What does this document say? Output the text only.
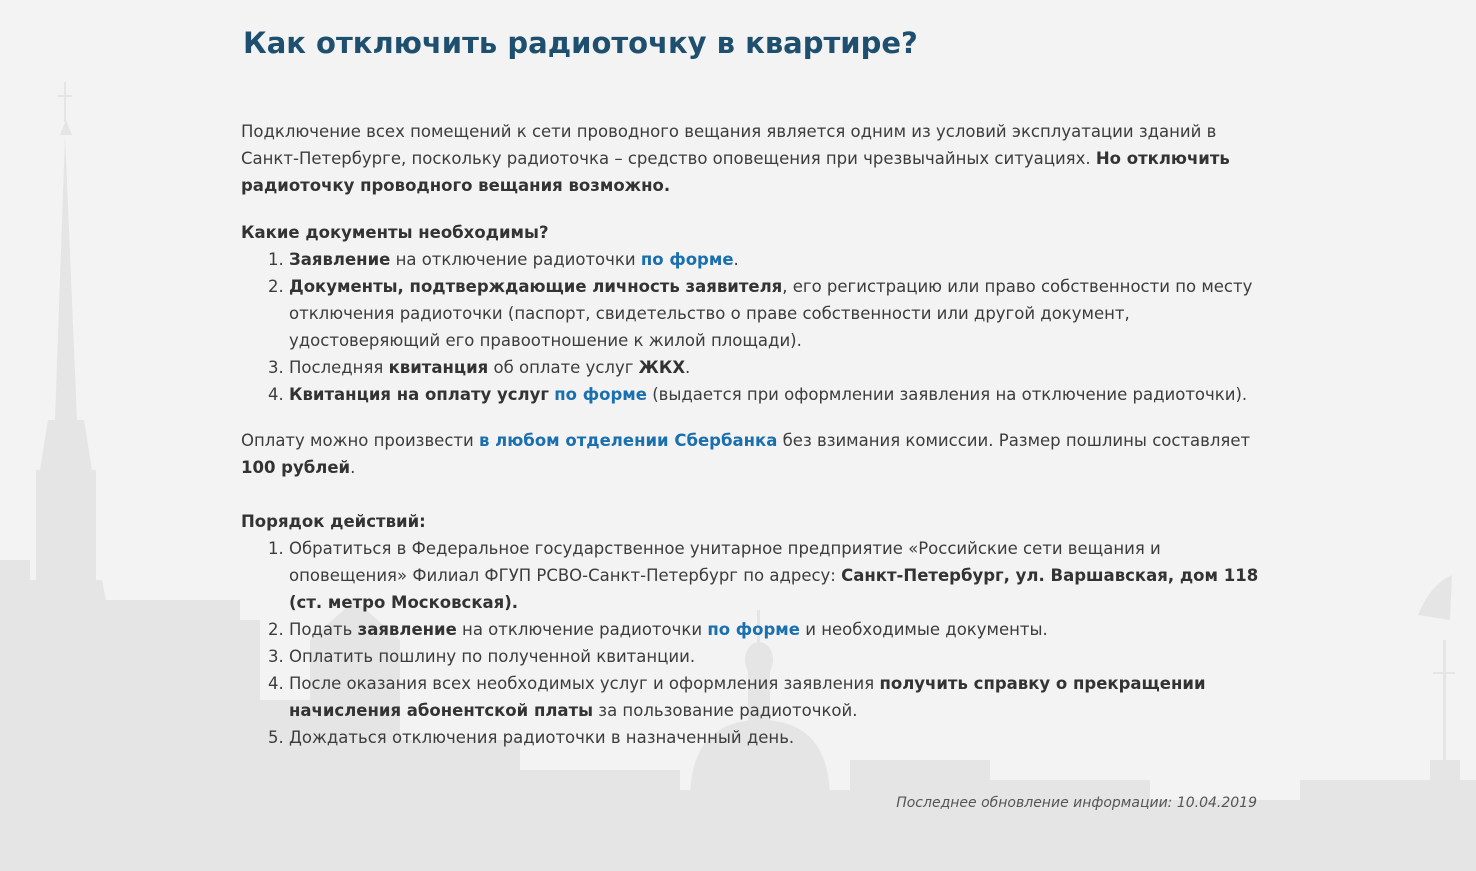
Как отключить радиоточку в квартире?

Подключение всех помещений к сети проводного вещания является одним из условий эксплуатации зданий в Санкт-Петербурге, поскольку радиоточка – средство оповещения при чрезвычайных ситуациях. Но отключить радиоточку проводного вещания возможно.

Какие документы необходимы?
1. Заявление на отключение радиоточки по форме.
2. Документы, подтверждающие личность заявителя, его регистрацию или право собственности по месту отключения радиоточки (паспорт, свидетельство о праве собственности или другой документ, удостоверяющий его правоотношение к жилой площади).
3. Последняя квитанция об оплате услуг ЖКХ.
4. Квитанция на оплату услуг по форме (выдается при оформлении заявления на отключение радиоточки).

Оплату можно произвести в любом отделении Сбербанка без взимания комиссии. Размер пошлины составляет 100 рублей.

Порядок действий:
1. Обратиться в Федеральное государственное унитарное предприятие «Российские сети вещания и оповещения» Филиал ФГУП РСВО-Санкт-Петербург по адресу: Санкт-Петербург, ул. Варшавская, дом 118 (ст. метро Московская).
2. Подать заявление на отключение радиоточки по форме и необходимые документы.
3. Оплатить пошлину по полученной квитанции.
4. После оказания всех необходимых услуг и оформления заявления получить справку о прекращении начисления абонентской платы за пользование радиоточкой.
5. Дождаться отключения радиоточки в назначенный день.
Последнее обновление информации: 10.04.2019
